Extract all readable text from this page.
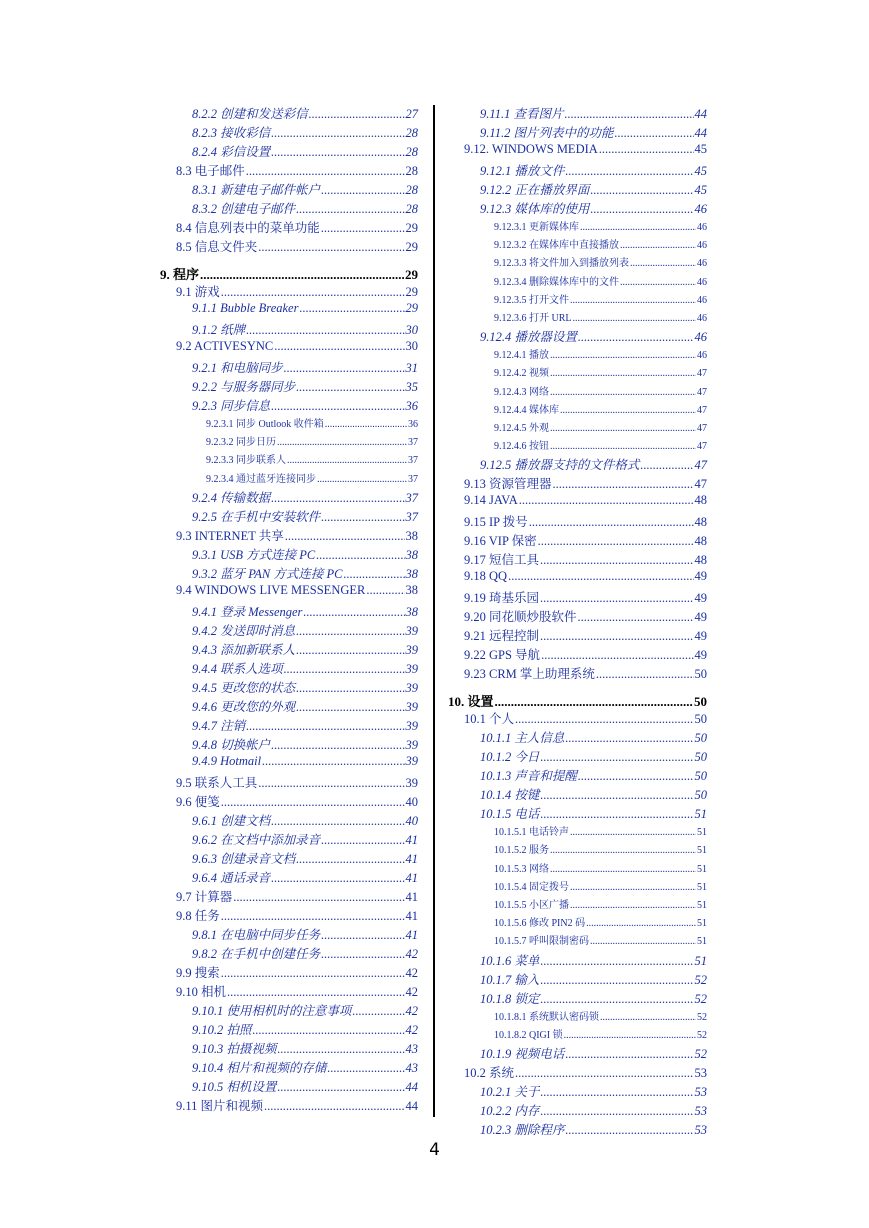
8.2.2 创建和发送彩信 .....	27
8.2.3 接收彩信 .....	28
8.2.4 彩信设置 .....	28
8.3 电子邮件 .....	28
8.3.1 新建电子邮件帐户 .....	28
8.3.2 创建电子邮件 .....	28
8.4 信息列表中的菜单功能 .....	29
8.5 信息文件夹 .....	29
9. 程序 .....	29
9.1 游戏 .....	29
9.1.1 Bubble Breaker .....	29
9.1.2 纸牌 .....	30
9.2 ACTIVESYNC .....	30
9.2.1 和电脑同步 .....	31
9.2.2 与服务器同步 .....	35
9.2.3 同步信息 .....	36
9.2.3.1 同步 Outlook 收件箱 .....	36
9.2.3.2 同步日历 .....	37
9.2.3.3 同步联系人 .....	37
9.2.3.4 通过蓝牙连接同步 .....	37
9.2.4 传输数据 .....	37
9.2.5 在手机中安装软件 .....	37
9.3 INTERNET 共享 .....	38
9.3.1 USB 方式连接 PC .....	38
9.3.2 蓝牙 PAN 方式连接 PC .....	38
9.4 WINDOWS LIVE MESSENGER .....	38
9.4.1 登录 Messenger .....	38
9.4.2 发送即时消息 .....	39
9.4.3 添加新联系人 .....	39
9.4.4 联系人选项 .....	39
9.4.5 更改您的状态 .....	39
9.4.6 更改您的外观 .....	39
9.4.7 注销 .....	39
9.4.8 切换帐户 .....	39
9.4.9 Hotmail .....	39
9.5 联系人工具 .....	39
9.6 便笺 .....	40
9.6.1 创建文档 .....	40
9.6.2 在文档中添加录音 .....	41
9.6.3 创建录音文档 .....	41
9.6.4 通话录音 .....	41
9.7 计算器 .....	41
9.8 任务 .....	41
9.8.1 在电脑中同步任务 .....	41
9.8.2 在手机中创建任务 .....	42
9.9 搜索 .....	42
9.10 相机 .....	42
9.10.1 使用相机时的注意事项 .....	42
9.10.2 拍照 .....	42
9.10.3 拍摄视频 .....	43
9.10.4 相片和视频的存储 .....	43
9.10.5 相机设置 .....	44
9.11 图片和视频 .....	44
9.11.1 查看图片 .....	44
9.11.2 图片列表中的功能 .....	44
9.12. WINDOWS MEDIA .....	45
9.12.1 播放文件 .....	45
9.12.2 正在播放界面 .....	45
9.12.3 媒体库的使用 .....	46
9.12.3.1 更新媒体库 .....	46
9.12.3.2 在媒体库中直接播放 .....	46
9.12.3.3 将文件加入到播放列表 .....	46
9.12.3.4 删除媒体库中的文件 .....	46
9.12.3.5 打开文件 .....	46
9.12.3.6 打开 URL .....	46
9.12.4 播放器设置 .....	46
9.12.4.1 播放 .....	46
9.12.4.2 视频 .....	47
9.12.4.3 网络 .....	47
9.12.4.4 媒体库 .....	47
9.12.4.5 外观 .....	47
9.12.4.6 按钮 .....	47
9.12.5 播放器支持的文件格式 .....	47
9.13 资源管理器 .....	47
9.14 JAVA .....	48
9.15 IP 拨号 .....	48
9.16 VIP 保密 .....	48
9.17 短信工具 .....	48
9.18 QQ .....	49
9.19 琦基乐园 .....	49
9.20 同花顺炒股软件 .....	49
9.21 远程控制 .....	49
9.22 GPS 导航 .....	49
9.23 CRM 掌上助理系统 .....	50
10. 设置 .....	50
10.1 个人 .....	50
10.1.1 主人信息 .....	50
10.1.2 今日 .....	50
10.1.3 声音和提醒 .....	50
10.1.4 按键 .....	50
10.1.5 电话 .....	51
10.1.5.1 电话铃声 .....	51
10.1.5.2 服务 .....	51
10.1.5.3 网络 .....	51
10.1.5.4 固定拨号 .....	51
10.1.5.5 小区广播 .....	51
10.1.5.6 修改 PIN2 码 .....	51
10.1.5.7 呼叫限制密码 .....	51
10.1.6 菜单 .....	51
10.1.7 输入 .....	52
10.1.8 锁定 .....	52
10.1.8.1 系统默认密码锁 .....	52
10.1.8.2 QIGI 锁 .....	52
10.1.9 视频电话 .....	52
10.2 系统 .....	53
10.2.1 关于 .....	53
10.2.2 内存 .....	53
10.2.3 删除程序 .....	53
4
